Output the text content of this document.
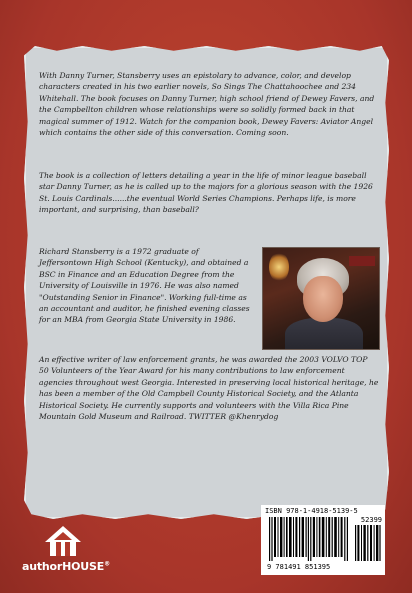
With Danny Turner, Stansberry uses an epistolary to advance, color, and develop characters created in his two earlier novels, So Sings The Chattahoochee and 234 Whitehall. The book focuses on Danny Turner, high school friend of Dewey Favers, and the Campbellton children whose relationships were so solidly formed back in that magical summer of 1912. Watch for the companion book, Dewey Favers: Aviator Angel which contains the other side of this conversation. Coming soon.

The book is a collection of letters detailing a year in the life of minor league baseball star Danny Turner, as he is called up to the majors for a glorious season with the 1926 St. Louis Cardinals......the eventual World Series Champions. Perhaps life, is more important, and surprising, than baseball?

Richard Stansberry is a 1972 graduate of Jeffersontown High School (Kentucky), and obtained a BSC in Finance and an Education Degree from the University of Louisville in 1976. He was also named "Outstanding Senior in Finance". Working full-time as an accountant and auditor, he finished evening classes for an MBA from Georgia State University in 1986.

An effective writer of law enforcement grants, he was awarded the 2003 VOLVO TOP 50 Volunteers of the Year Award for his many contributions to law enforcement agencies throughout west Georgia. Interested in preserving local historical heritage, he has been a member of the Old Campbell County Historical Society, and the Atlanta Historical Society. He currently supports and volunteers with the Villa Rica Pine Mountain Gold Museum and Railroad. TWITTER @Khenrydog

authorHOUSE®
ISBN 978-1-4918-5139-5
52399
9 781491 851395
